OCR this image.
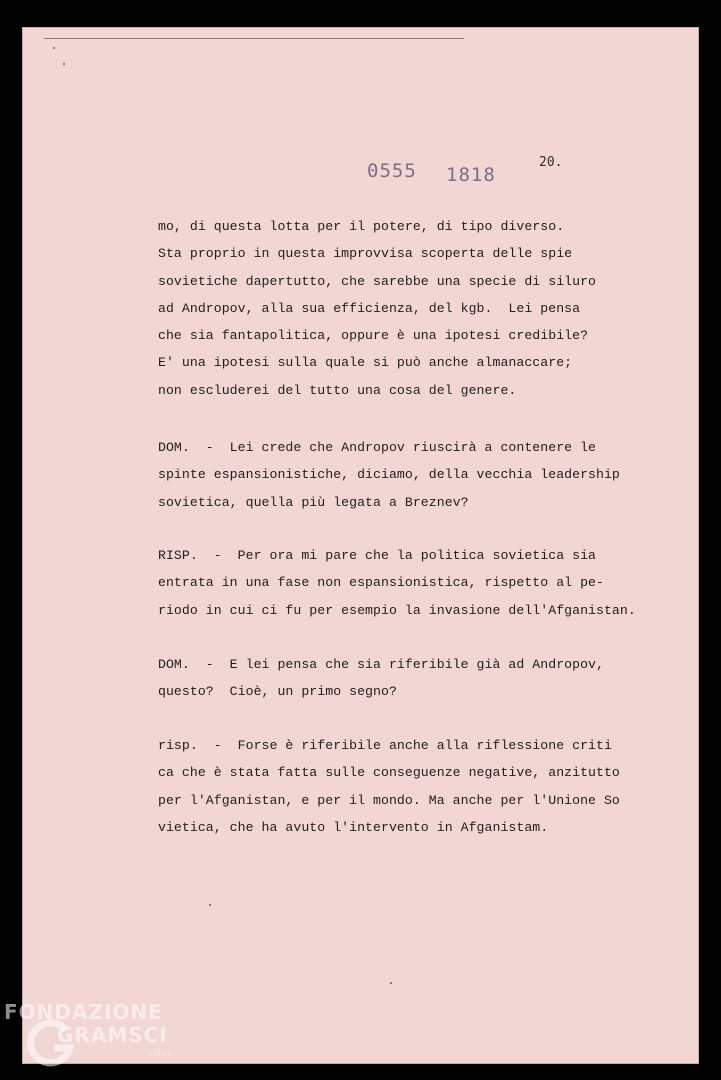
0555 1818
20.
mo, di questa lotta per il potere, di tipo diverso.
Sta proprio in questa improvvisa scoperta delle spie
sovietiche dapertutto, che sarebbe una specie di siluro
ad Andropov, alla sua efficienza, del kgb.  Lei pensa
che sia fantapolitica, oppure è una ipotesi credibile?
E' una ipotesi sulla quale si può anche almanaccare;
non escluderei del tutto una cosa del genere.
DOM.  -  Lei crede che Andropov riuscirà a contenere le
spinte espansionistiche, diciamo, della vecchia leadership
sovietica, quella più legata a Breznev?
RISP.  -  Per ora mi pare che la politica sovietica sia
entrata in una fase non espansionistica, rispetto al pe-
riodo in cui ci fu per esempio la invasione dell'Afganistan.
DOM.  -  E lei pensa che sia riferibile già ad Andropov,
questo?  Cioè, un primo segno?
risp.  -  Forse è riferibile anche alla riflessione criti
ca che è stata fatta sulle conseguenze negative, anzitutto
per l'Afganistan, e per il mondo. Ma anche per l'Unione So
vietica, che ha avuto l'intervento in Afganistam.
FONDAZIONE
GRAMSCI
onlus
